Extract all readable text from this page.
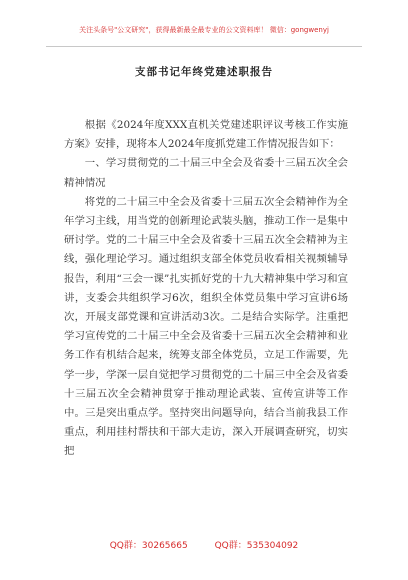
关注头条号"公文研究"，获得最新最全最专业的公文资料库！ 微信：gongwenyj
支部书记年终党建述职报告

根据《2024年度XXX直机关党建述职评议考核工作实施方案》安排，现将本人2024年度抓党建工作情况报告如下：

一、学习贯彻党的二十届三中全会及省委十三届五次全会精神情况

将党的二十届三中全会及省委十三届五次全会精神作为全年学习主线，用当党的创新理论武装头脑，推动工作一是集中研讨学。党的二十届三中全会及省委十三届五次全会精神为主线，强化理论学习。通过组织支部全体党员收看相关视频辅导报告，利用“三会一课”扎实抓好党的十九大精神集中学习和宣讲，支委会共组织学习6次，组织全体党员集中学习宣讲6场次，开展支部党课和宣讲活动3次。二是结合实际学。注重把学习宣传党的二十届三中全会及省委十三届五次全会精神和业务工作有机结合起来，统筹支部全体党员，立足工作需要，先学一步，学深一层自觉把学习贯彻党的二十届三中全会及省委十三届五次全会精神贯穿于推动理论武装、宣传宣讲等工作中。三是突出重点学。坚持突出问题导向，结合当前我县工作重点，利用挂村帮扶和干部大走访，深入开展调查研究，切实把

QQ群：30265665	QQ群：535304092
